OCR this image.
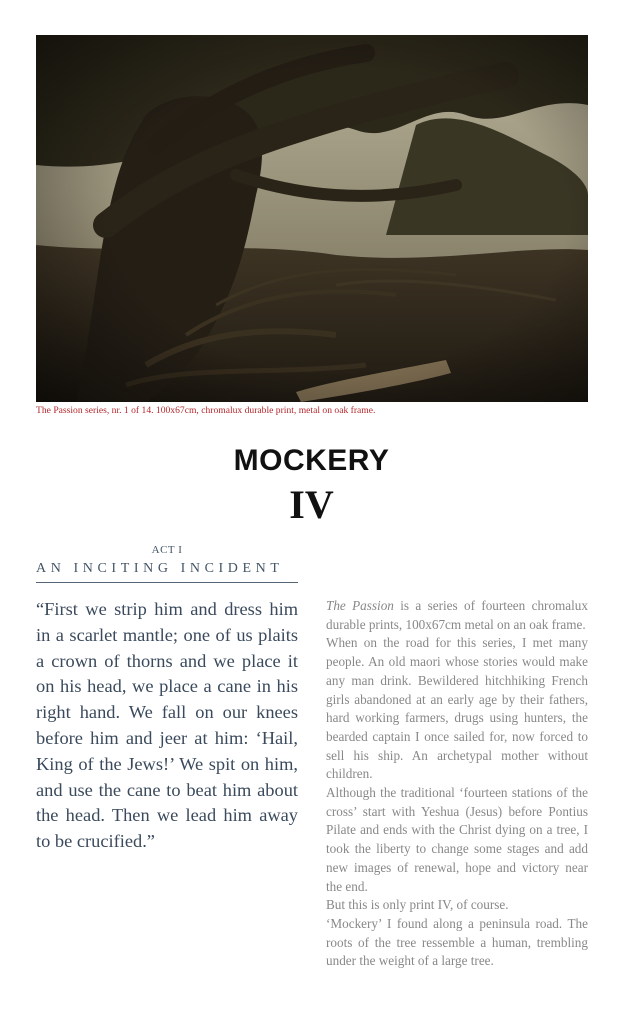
The Passion series, nr. 1 of 14. 100x67cm, chromalux durable print, metal on oak frame.
MOCKERY
IV
ACT I
AN INCITING INCIDENT
“First we strip him and dress him in a scarlet mantle; one of us plaits a crown of thorns and we place it on his head, we place a cane in his right hand. We fall on our knees before him and jeer at him: ‘Hail, King of the Jews!’ We spit on him, and use the cane to beat him about the head. Then we lead him away to be crucified.”

The Passion is a series of fourteen chromalux durable prints, 100x67cm metal on an oak frame.

When on the road for this series, I met many people. An old maori whose stories would make any man drink. Bewildered hitchhiking French girls abandoned at an early age by their fathers, hard working farmers, drugs using hunters, the bearded captain I once sailed for, now forced to sell his ship. An archetypal mother without children.

Although the traditional ‘fourteen stations of the cross’ start with Yeshua (Jesus) before Pontius Pilate and ends with the Christ dying on a tree, I took the liberty to change some stages and add new images of renewal, hope and victory near the end.

But this is only print IV, of course.

‘Mockery’ I found along a peninsula road. The roots of the tree ressemble a human, trembling under the weight of a large tree.
